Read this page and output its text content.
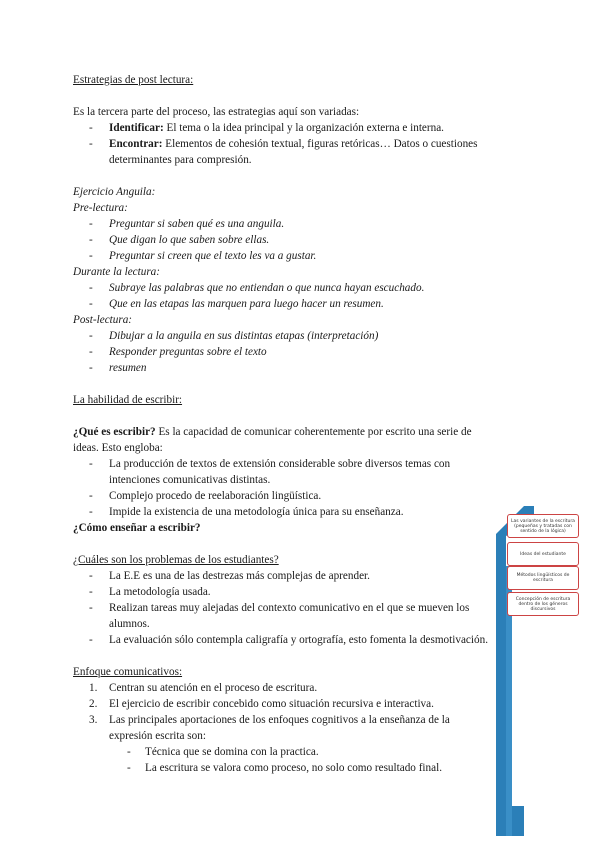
Estrategias de post lectura:
Es la tercera parte del proceso, las estrategias aquí son variadas:
- Identificar: El tema o la idea principal y la organización externa e interna.
- Encontrar: Elementos de cohesión textual, figuras retóricas… Datos o cuestiones
determinantes para compresión.
Ejercicio Anguila:
Pre-lectura:
- Preguntar si saben qué es una anguila.
- Que digan lo que saben sobre ellas.
- Preguntar si creen que el texto les va a gustar.
Durante la lectura:
- Subraye las palabras que no entiendan o que nunca hayan escuchado.
- Que en las etapas las marquen para luego hacer un resumen.
Post-lectura:
- Dibujar a la anguila en sus distintas etapas (interpretación)
- Responder preguntas sobre el texto
- resumen
La habilidad de escribir:
¿Qué es escribir? Es la capacidad de comunicar coherentemente por escrito una serie de
ideas. Esto engloba:
- La producción de textos de extensión considerable sobre diversos temas con
intenciones comunicativas distintas.
- Complejo procedo de reelaboración lingüística.
- Impide la existencia de una metodología única para su enseñanza.
¿Cómo enseñar a escribir?
¿Cuáles son los problemas de los estudiantes?
- La E.E es una de las destrezas más complejas de aprender.
- La metodología usada.
- Realizan tareas muy alejadas del contexto comunicativo en el que se mueven los
alumnos.
- La evaluación sólo contempla caligrafía y ortografía, esto fomenta la desmotivación.
Enfoque comunicativos:
1. Centran su atención en el proceso de escritura.
2. El ejercicio de escribir concebido como situación recursiva e interactiva.
3. Las principales aportaciones de los enfoques cognitivos a la enseñanza de la
expresión escrita son:
- Técnica que se domina con la practica.
- La escritura se valora como proceso, no solo como resultado final.
Las variantes de la escritura (pequeñas y tratadas con sentido de la lógica)
Ideas del estudiante
Métodos lingüísticos de escritura
Concepción de escritura dentro de los géneros discursivos
